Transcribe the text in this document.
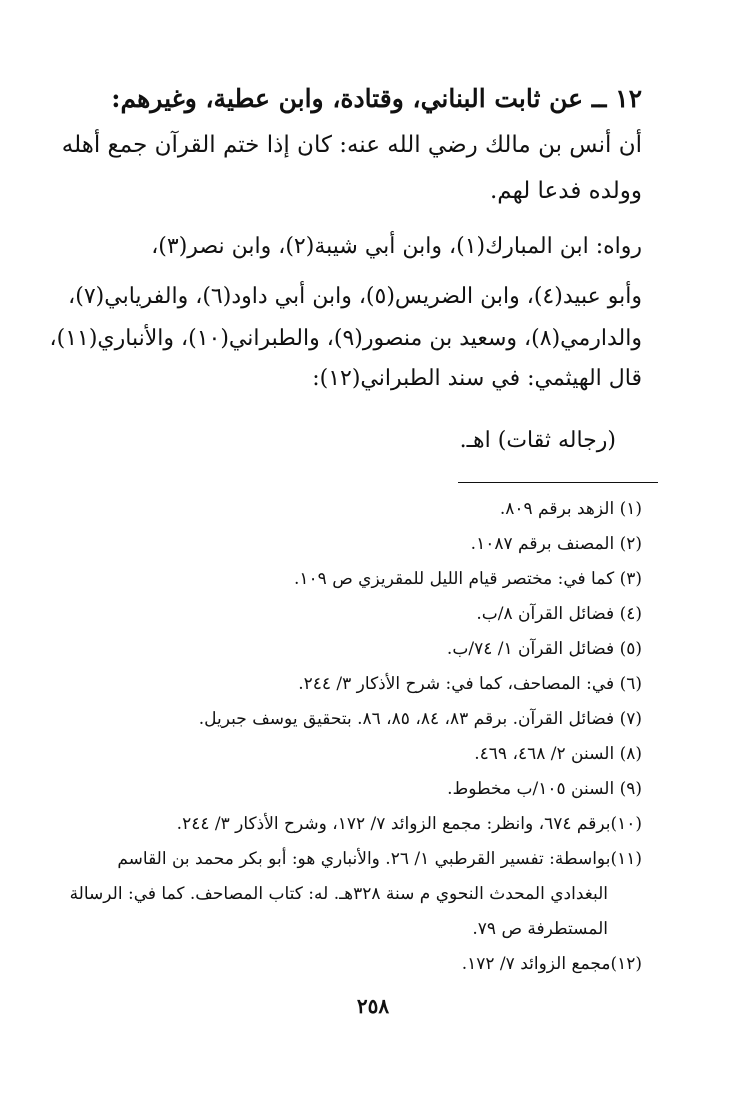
١٢ ــ عن ثابت البناني، وقتادة، وابن عطية، وغيرهم:
أن أنس بن مالك رضي الله عنه: كان إذا ختم القرآن جمع أهله
وولده فدعا لهم.
رواه: ابن المبارك(١)، وابن أبي شيبة(٢)، وابن نصر(٣)،
وأبو عبيد(٤)، وابن الضريس(٥)، وابن أبي داود(٦)، والفريابي(٧)،
والدارمي(٨)، وسعيد بن منصور(٩)، والطبراني(١٠)، والأنباري(١١)،
قال الهيثمي: في سند الطبراني(١٢):
(رجاله ثقات) اهـ.
(١) الزهد برقم ٨٠٩.
(٢) المصنف برقم ١٠٨٧.
(٣) كما في: مختصر قيام الليل للمقريزي ص ١٠٩.
(٤) فضائل القرآن ٨/ب.
(٥) فضائل القرآن ١/ ٧٤/ب.
(٦) في: المصاحف، كما في: شرح الأذكار ٣/ ٢٤٤.
(٧) فضائل القرآن. برقم ٨٣، ٨٤، ٨٥، ٨٦. بتحقيق يوسف جبريل.
(٨) السنن ٢/ ٤٦٨، ٤٦٩.
(٩) السنن ١٠٥/ب مخطوط.
(١٠)برقم ٦٧٤، وانظر: مجمع الزوائد ٧/ ١٧٢، وشرح الأذكار ٣/ ٢٤٤.
(١١)بواسطة: تفسير القرطبي ١/ ٢٦. والأنباري هو: أبو بكر محمد بن القاسم
البغدادي المحدث النحوي م سنة ٣٢٨هـ. له: كتاب المصاحف. كما في: الرسالة
المستطرفة ص ٧٩.
(١٢)مجمع الزوائد ٧/ ١٧٢.
٢٥٨
